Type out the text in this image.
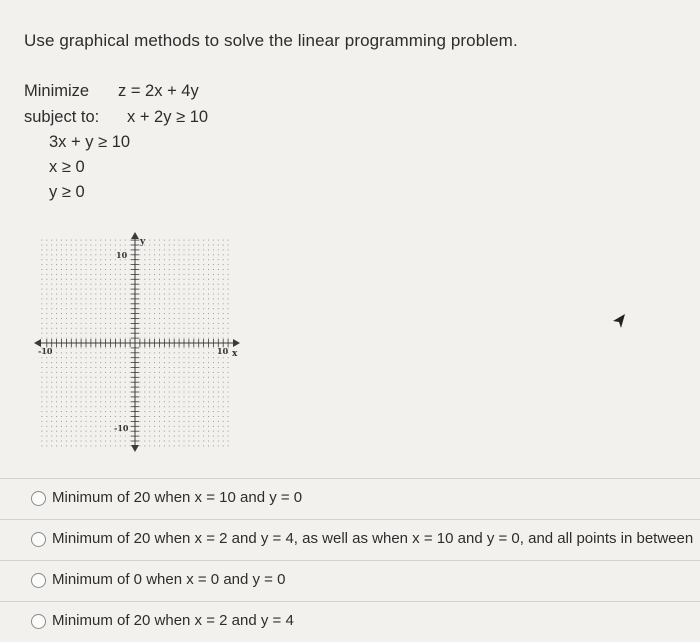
Use graphical methods to solve the linear programming problem.
Minimize z = 2x + 4y
subject to: x + 2y ≥ 10
3x + y ≥ 10
x ≥ 0
y ≥ 0
y
x
10
-10
-10	10
Minimum of 20 when x = 10 and y = 0
Minimum of 20 when x = 2 and y = 4, as well as when x = 10 and y = 0, and all points in between
Minimum of 0 when x = 0 and y = 0
Minimum of 20 when x = 2 and y = 4
